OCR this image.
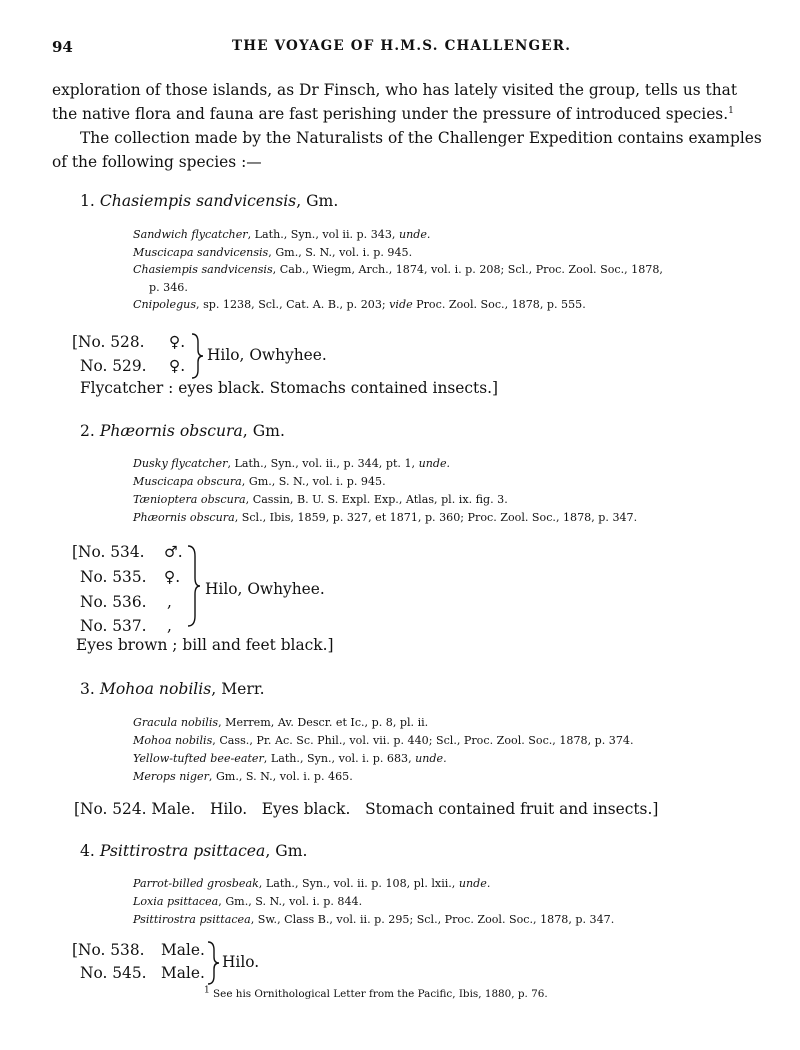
94	THE VOYAGE OF H.M.S. CHALLENGER.
exploration of those islands, as Dr Finsch, who has lately visited the group, tells us that
the native flora and fauna are fast perishing under the pressure of introduced species.$^1$
The collection made by the Naturalists of the Challenger Expedition contains examples
of the following species :—
1. Chasiempis sandvicensis, Gm.
Sandwich flycatcher, Lath., Syn., vol ii. p. 343, unde.
Muscicapa sandvicensis, Gm., S. N., vol. i. p. 945.
Chasiempis sandvicensis, Cab., Wiegm, Arch., 1874, vol. i. p. 208; Scl., Proc. Zool. Soc., 1878,
p. 346.
Cnipolegus, sp. 1238, Scl., Cat. A. B., p. 203; vide Proc. Zool. Soc., 1878, p. 555.
[No. 528. ♀.
No. 529. ♀.
Hilo, Owhyhee.
Flycatcher : eyes black. Stomachs contained insects.]
2. Phæornis obscura, Gm.
Dusky flycatcher, Lath., Syn., vol. ii., p. 344, pt. 1, unde.
Muscicapa obscura, Gm., S. N., vol. i. p. 945.
Tænioptera obscura, Cassin, B. U. S. Expl. Exp., Atlas, pl. ix. fig. 3.
Phæornis obscura, Scl., Ibis, 1859, p. 327, et 1871, p. 360; Proc. Zool. Soc., 1878, p. 347.
[No. 534. ♂.
No. 535. ♀.
No. 536. ,
No. 537. ,
Hilo, Owhyhee.
Eyes brown ; bill and feet black.]
3. Mohoa nobilis, Merr.
Gracula nobilis, Merrem, Av. Descr. et Ic., p. 8, pl. ii.
Mohoa nobilis, Cass., Pr. Ac. Sc. Phil., vol. vii. p. 440; Scl., Proc. Zool. Soc., 1878, p. 374.
Yellow-tufted bee-eater, Lath., Syn., vol. i. p. 683, unde.
Merops niger, Gm., S. N., vol. i. p. 465.
[No. 524. Male.   Hilo.   Eyes black.   Stomach contained fruit and insects.]
4. Psittirostra psittacea, Gm.
Parrot-billed grosbeak, Lath., Syn., vol. ii. p. 108, pl. lxii., unde.
Loxia psittacea, Gm., S. N., vol. i. p. 844.
Psittirostra psittacea, Sw., Class B., vol. ii. p. 295; Scl., Proc. Zool. Soc., 1878, p. 347.
[No. 538. Male.
No. 545. Male.
Hilo.
$^1$ See his Ornithological Letter from the Pacific, Ibis, 1880, p. 76.
